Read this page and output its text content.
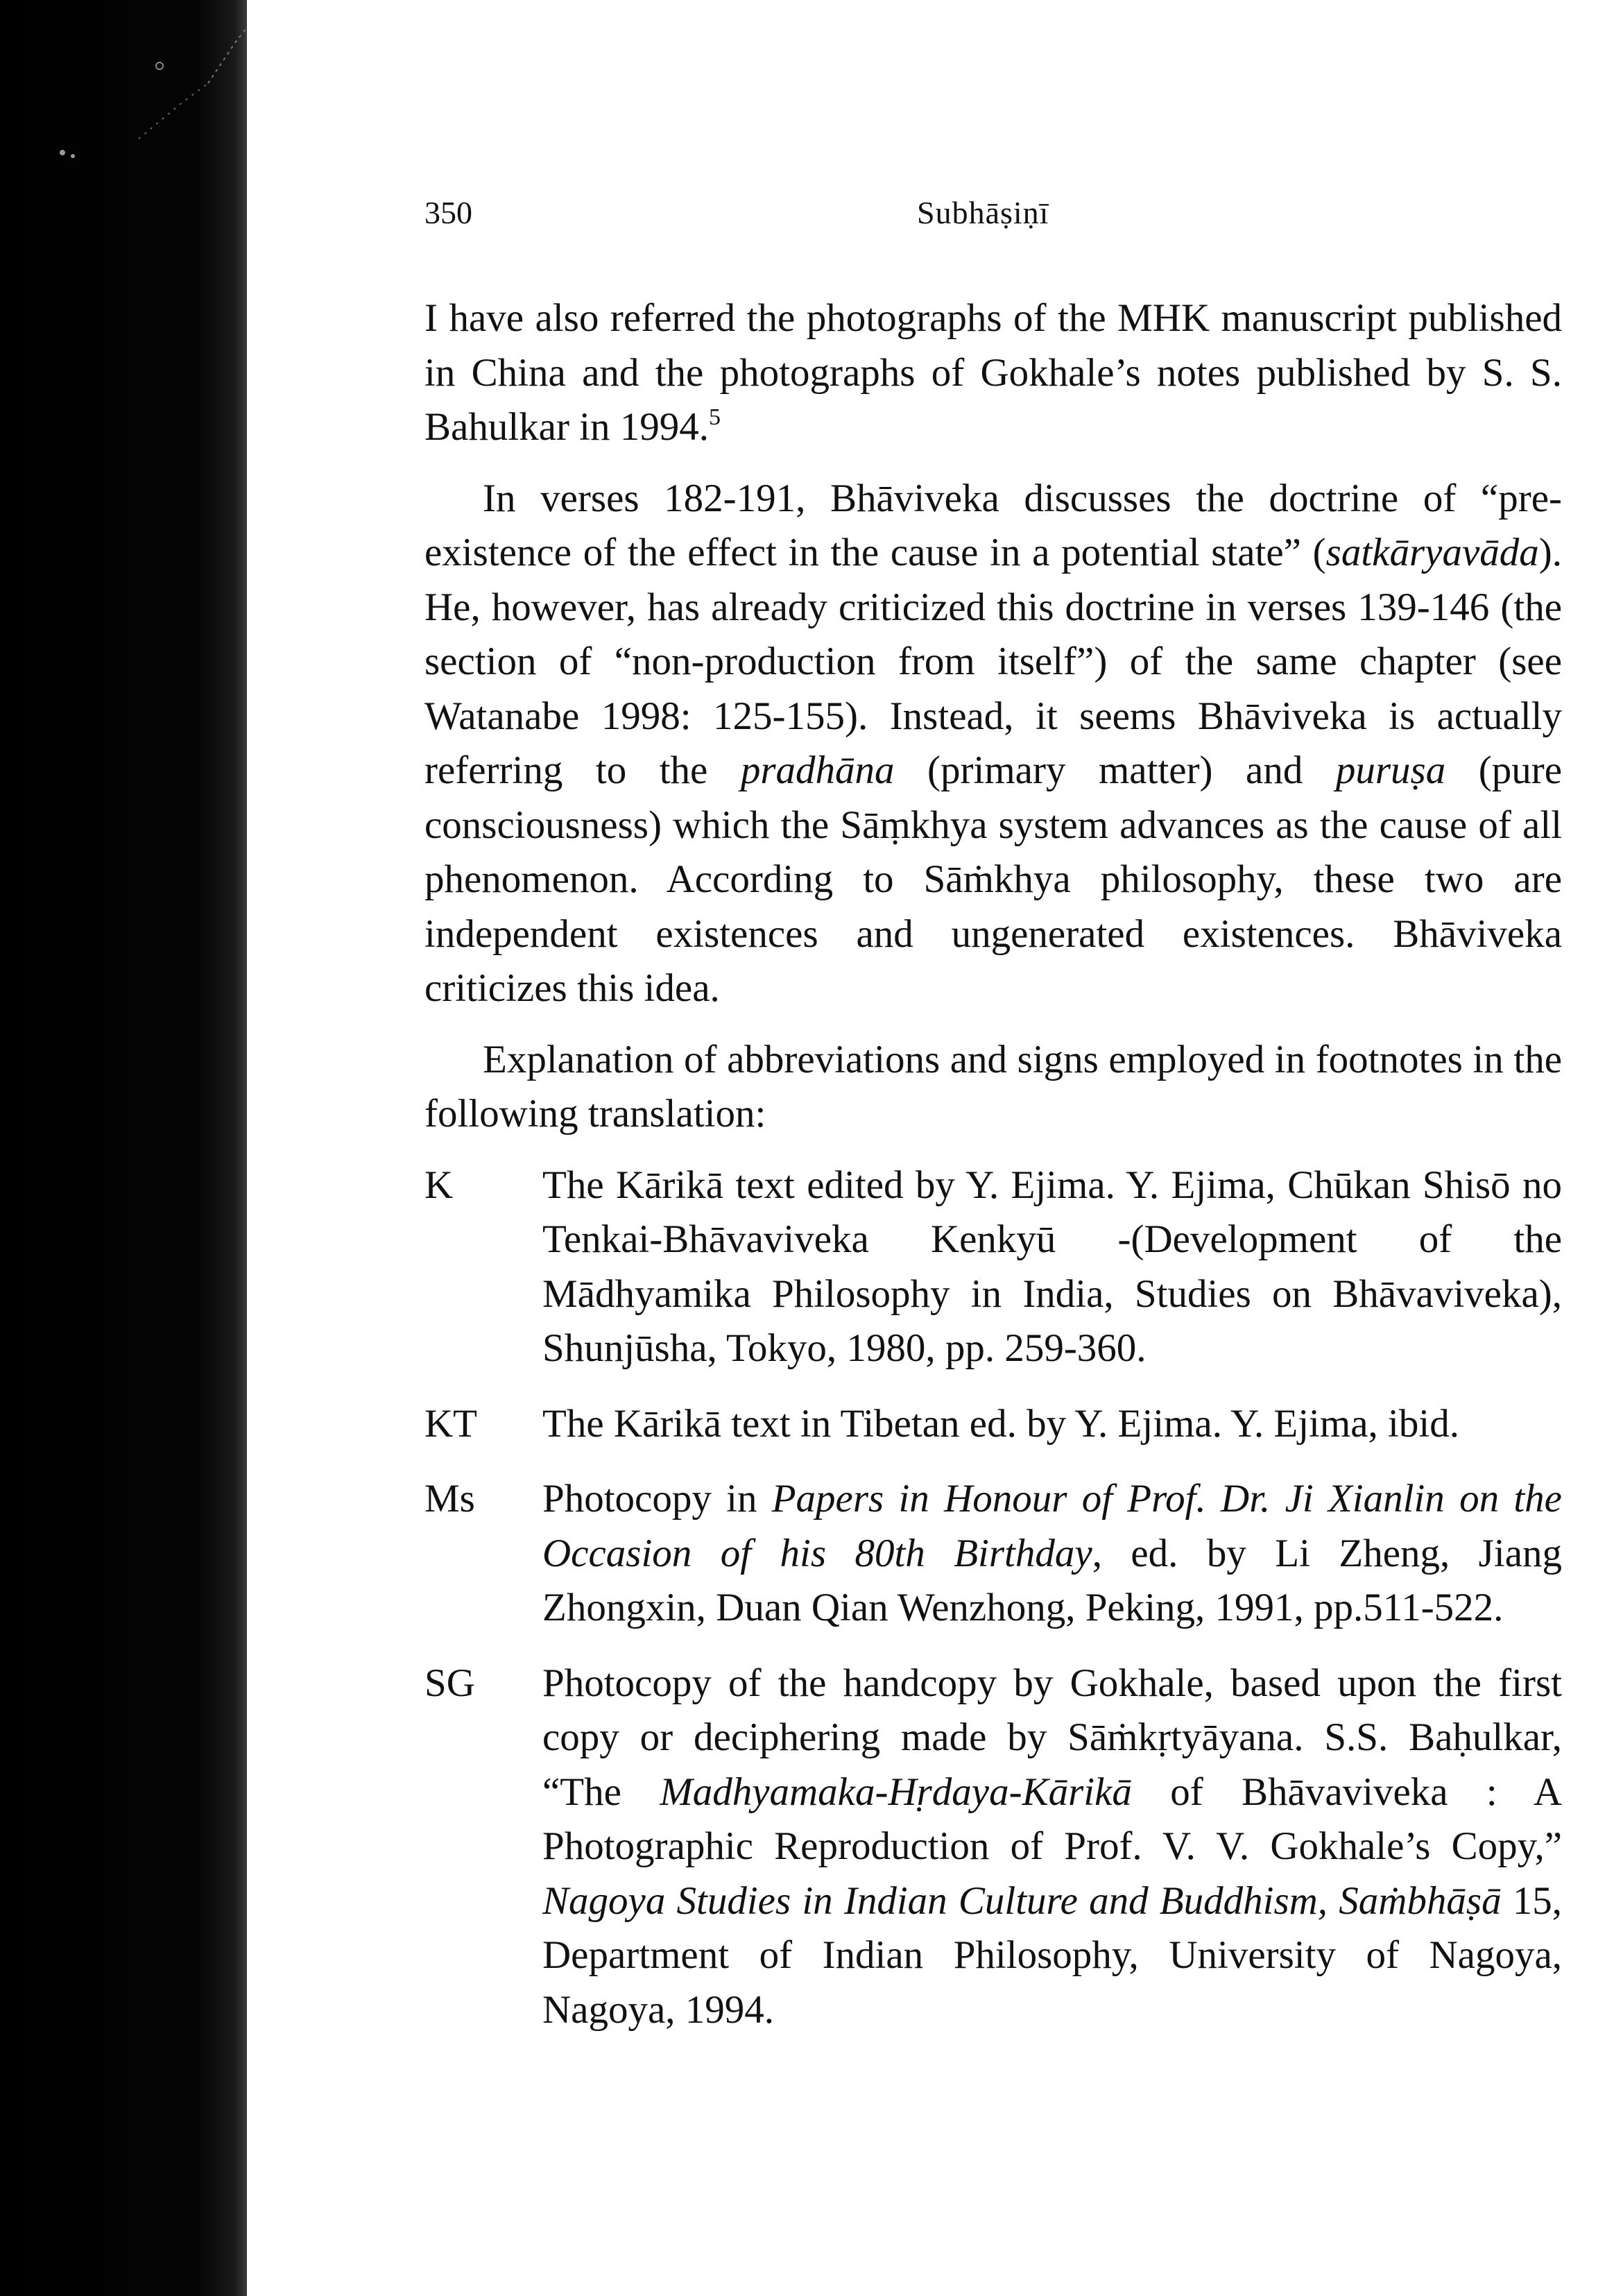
350	Subhāṣiṇī

I have also referred the photographs of the MHK manuscript published in China and the photographs of Gokhale’s notes published by S. S. Bahulkar in 1994.$^5$

In verses 182-191, Bhāviveka discusses the doctrine of “pre-existence of the effect in the cause in a potential state” (satkāryavāda). He, however, has already criticized this doctrine in verses 139-146 (the section of “non-production from itself”) of the same chapter (see Watanabe 1998: 125-155). Instead, it seems Bhāviveka is actually referring to the pradhāna (primary matter) and puruṣa (pure consciousness) which the Sāṃkhya system advances as the cause of all phenomenon. According to Sāṁkhya philosophy, these two are independent existences and ungenerated existences. Bhāviveka criticizes this idea.

Explanation of abbreviations and signs employed in footnotes in the following translation:

K	The Kārikā text edited by Y. Ejima. Y. Ejima, Chūkan Shisō no Tenkai-Bhāvaviveka Kenkyū -(Development of the Mādhyamika Philosophy in India, Studies on Bhāvaviveka), Shunjūsha, Tokyo, 1980, pp. 259-360.
KT	The Kārikā text in Tibetan ed. by Y. Ejima. Y. Ejima, ibid.
Ms	Photocopy in Papers in Honour of Prof. Dr. Ji Xianlin on the Occasion of his 80th Birthday, ed. by Li Zheng, Jiang Zhongxin, Duan Qian Wenzhong, Peking, 1991, pp.511-522.
SG	Photocopy of the handcopy by Gokhale, based upon the first copy or deciphering made by Sāṁkṛtyāyana. S.S. Baḥulkar, “The Madhyamaka-Hṛdaya-Kārikā of Bhāvaviveka : A Photographic Reproduction of Prof. V. V. Gokhale’s Copy,” Nagoya Studies in Indian Culture and Buddhism, Saṁbhāṣā 15, Department of Indian Philosophy, University of Nagoya, Nagoya, 1994.
